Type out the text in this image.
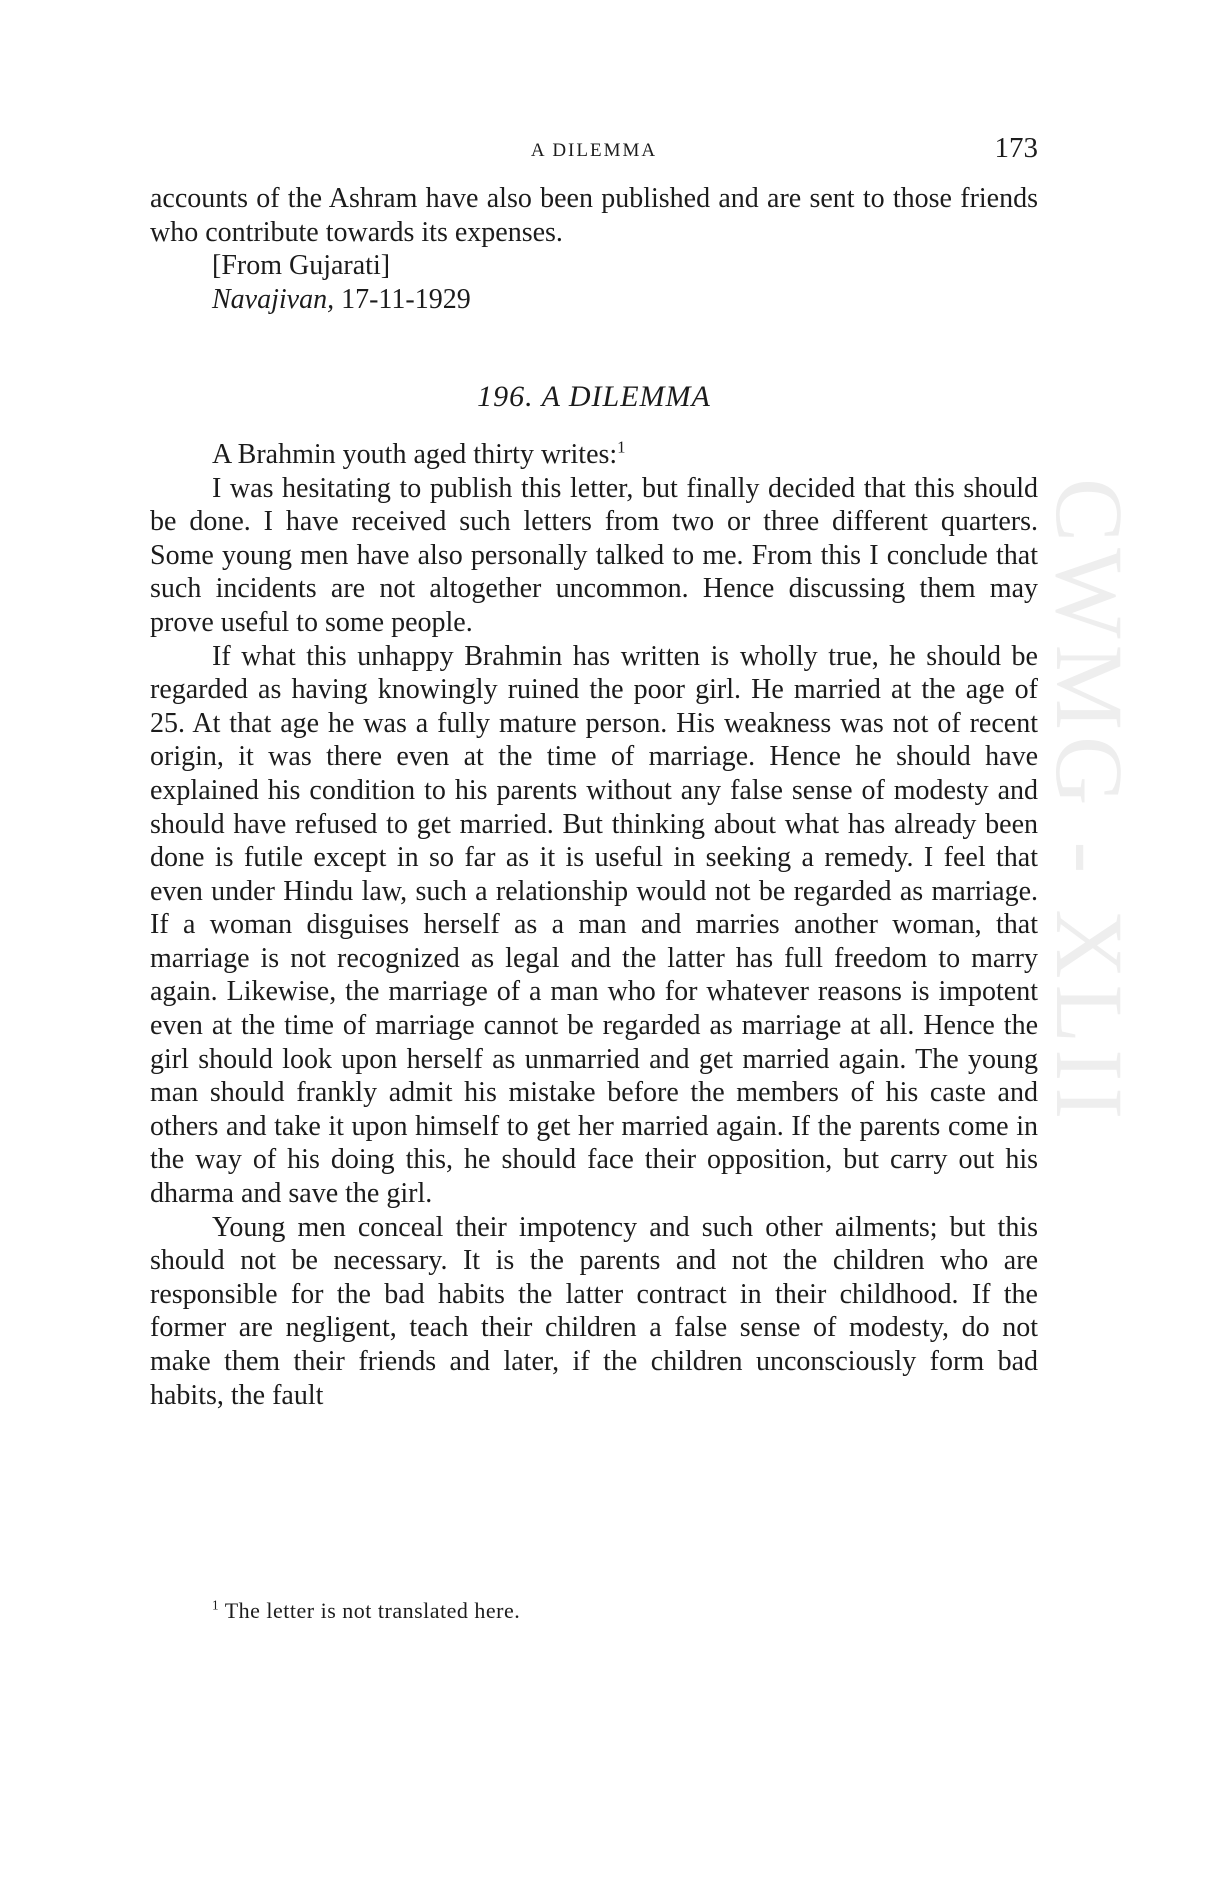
CWMG - XLII
A DILEMMA	173

accounts of the Ashram have also been published and are sent to those friends who contribute towards its expenses.

[From Gujarati]

Navajivan, 17-11-1929

196. A DILEMMA

A Brahmin youth aged thirty writes:$^1$

I was hesitating to publish this letter, but finally decided that this should be done. I have received such letters from two or three different quarters. Some young men have also personally talked to me. From this I conclude that such incidents are not altogether uncommon. Hence discussing them may prove useful to some people.

If what this unhappy Brahmin has written is wholly true, he should be regarded as having knowingly ruined the poor girl. He married at the age of 25. At that age he was a fully mature person. His weakness was not of recent origin, it was there even at the time of marriage. Hence he should have explained his condition to his parents without any false sense of modesty and should have refused to get married. But thinking about what has already been done is futile except in so far as it is useful in seeking a remedy. I feel that even under Hindu law, such a relationship would not be regarded as marriage. If a woman disguises herself as a man and marries another woman, that marriage is not recognized as legal and the latter has full freedom to marry again. Likewise, the marriage of a man who for whatever reasons is impotent even at the time of marriage cannot be regarded as marriage at all. Hence the girl should look upon herself as unmarried and get married again. The young man should frankly admit his mistake before the members of his caste and others and take it upon himself to get her married again. If the parents come in the way of his doing this, he should face their opposition, but carry out his dharma and save the girl.

Young men conceal their impotency and such other ailments; but this should not be necessary. It is the parents and not the children who are responsible for the bad habits the latter contract in their childhood. If the former are negligent, teach their children a false sense of modesty, do not make them their friends and later, if the children unconsciously form bad habits, the fault

$^1$ The letter is not translated here.
